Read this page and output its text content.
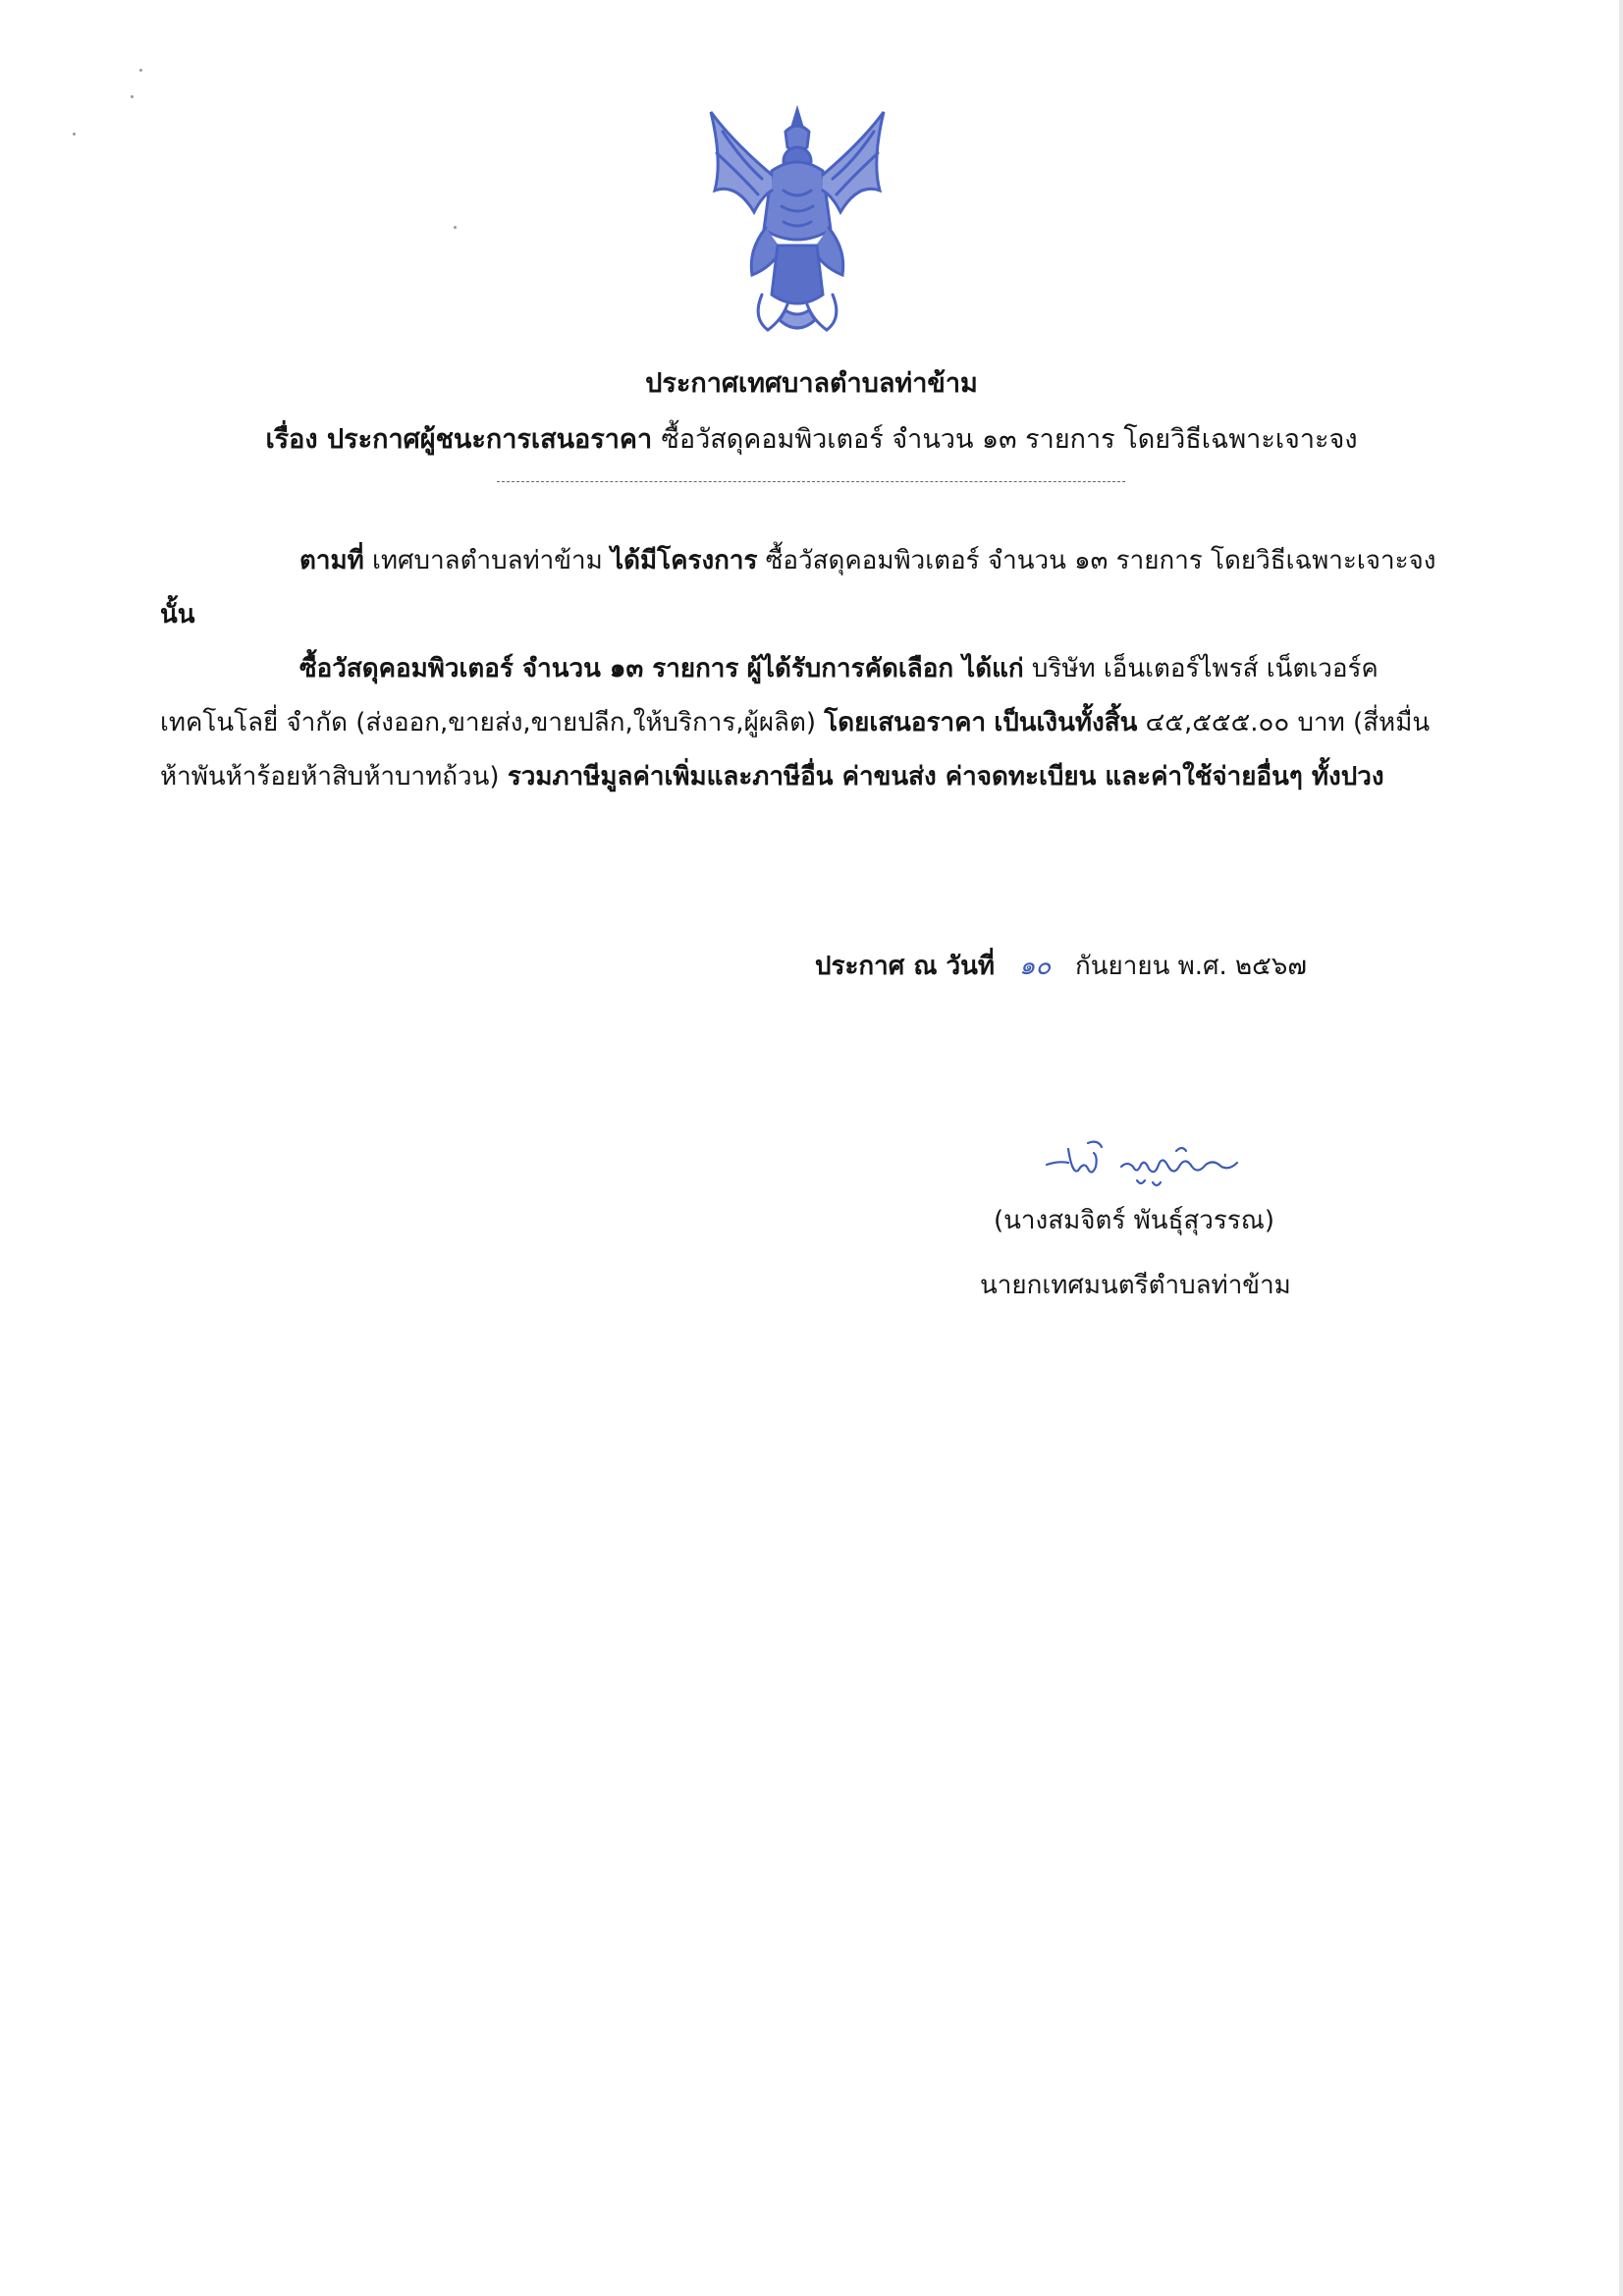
ประกาศเทศบาลตำบลท่าข้าม
เรื่อง ประกาศผู้ชนะการเสนอราคา ซื้อวัสดุคอมพิวเตอร์ จำนวน ๑๓ รายการ โดยวิธีเฉพาะเจาะจง
ตามที่ เทศบาลตำบลท่าข้าม ได้มีโครงการ ซื้อวัสดุคอมพิวเตอร์ จำนวน ๑๓ รายการ โดยวิธีเฉพาะเจาะจง  นั้น
ซื้อวัสดุคอมพิวเตอร์ จำนวน ๑๓ รายการ ผู้ได้รับการคัดเลือก ได้แก่ บริษัท เอ็นเตอร์ไพรส์ เน็ตเวอร์ค เทคโนโลยี่ จำกัด (ส่งออก,ขายส่ง,ขายปลีก,ให้บริการ,ผู้ผลิต) โดยเสนอราคา เป็นเงินทั้งสิ้น ๔๕,๕๕๕.๐๐ บาท (สี่หมื่นห้าพันห้าร้อยห้าสิบห้าบาทถ้วน) รวมภาษีมูลค่าเพิ่มและภาษีอื่น ค่าขนส่ง ค่าจดทะเบียน และค่าใช้จ่ายอื่นๆ ทั้งปวง
ประกาศ ณ วันที่ ๑๐ กันยายน พ.ศ. ๒๕๖๗
(นางสมจิตร์ พันธุ์สุวรรณ)
นายกเทศมนตรีตำบลท่าข้าม
